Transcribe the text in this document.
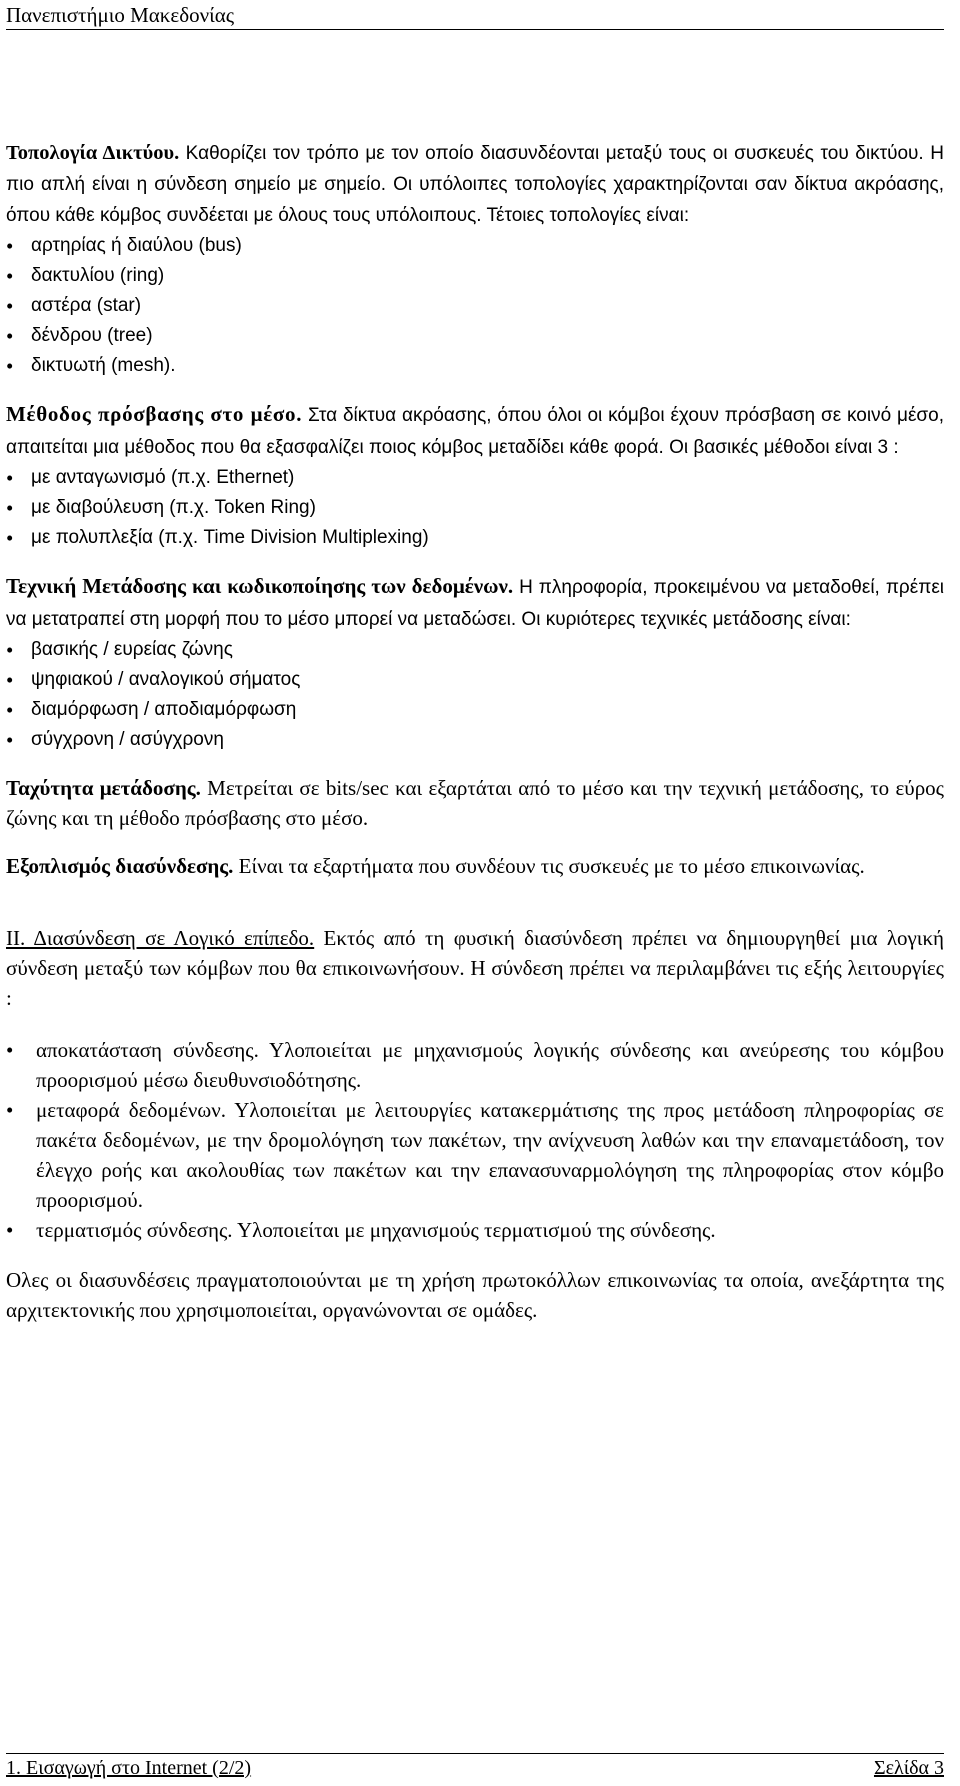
Πανεπιστήμιο Μακεδονίας

Τοπολογία Δικτύου. Καθορίζει τον τρόπο με τον οποίο διασυνδέονται μεταξύ τους οι συσκευές του δικτύου. Η πιο απλή είναι η σύνδεση σημείο με σημείο. Οι υπόλοιπες τοπολογίες χαρακτηρίζονται σαν δίκτυα ακρόασης, όπου κάθε κόμβος συνδέεται με όλους τους υπόλοιπους. Τέτοιες τοπολογίες είναι:

• αρτηρίας ή διαύλου (bus)
• δακτυλίου (ring)
• αστέρα (star)
• δένδρου (tree)
• δικτυωτή (mesh).

Μέθοδος πρόσβασης στο μέσο. Στα δίκτυα ακρόασης, όπου όλοι οι κόμβοι έχουν πρόσβαση σε κοινό μέσο, απαιτείται μια μέθοδος που θα εξασφαλίζει ποιος κόμβος μεταδίδει κάθε φορά. Οι βασικές μέθοδοι είναι 3 :

• με ανταγωνισμό (π.χ. Ethernet)
• με διαβούλευση (π.χ. Token Ring)
• με πολυπλεξία (π.χ. Time Division Multiplexing)

Τεχνική Μετάδοσης και κωδικοποίησης των δεδομένων. Η πληροφορία, προκειμένου να μεταδοθεί, πρέπει να μετατραπεί στη μορφή που το μέσο μπορεί να μεταδώσει. Οι κυριότερες τεχνικές μετάδοσης είναι:

• βασικής / ευρείας ζώνης
• ψηφιακού / αναλογικού σήματος
• διαμόρφωση / αποδιαμόρφωση
• σύγχρονη / ασύγχρονη

Ταχύτητα μετάδοσης. Μετρείται σε bits/sec και εξαρτάται από το μέσο και την τεχνική μετάδοσης, το εύρος ζώνης και τη μέθοδο πρόσβασης στο μέσο.

Εξοπλισμός διασύνδεσης. Είναι τα εξαρτήματα που συνδέουν τις συσκευές με το μέσο επικοινωνίας.

ΙΙ. Διασύνδεση σε Λογικό επίπεδο. Εκτός από τη φυσική διασύνδεση πρέπει να δημιουργηθεί μια λογική σύνδεση μεταξύ των κόμβων που θα επικοινωνήσουν. Η σύνδεση πρέπει να περιλαμβάνει τις εξής λειτουργίες :

• αποκατάσταση σύνδεσης. Υλοποιείται με μηχανισμούς λογικής σύνδεσης και ανεύρεσης του κόμβου προορισμού μέσω διευθυνσιοδότησης.
• μεταφορά δεδομένων. Υλοποιείται με λειτουργίες κατακερμάτισης της προς μετάδοση πληροφορίας σε πακέτα δεδομένων, με την δρομολόγηση των πακέτων, την ανίχνευση λαθών και την επαναμετάδοση, τον έλεγχο ροής και ακολουθίας των πακέτων και την επανασυναρμολόγηση της πληροφορίας στον κόμβο προορισμού.
• τερματισμός σύνδεσης. Υλοποιείται με μηχανισμούς τερματισμού της σύνδεσης.

Ολες οι διασυνδέσεις πραγματοποιούνται με τη χρήση πρωτοκόλλων επικοινωνίας τα οποία, ανεξάρτητα της αρχιτεκτονικής που χρησιμοποιείται, οργανώνονται σε ομάδες.

1. Εισαγωγή στο Internet (2/2)	Σελίδα 3
